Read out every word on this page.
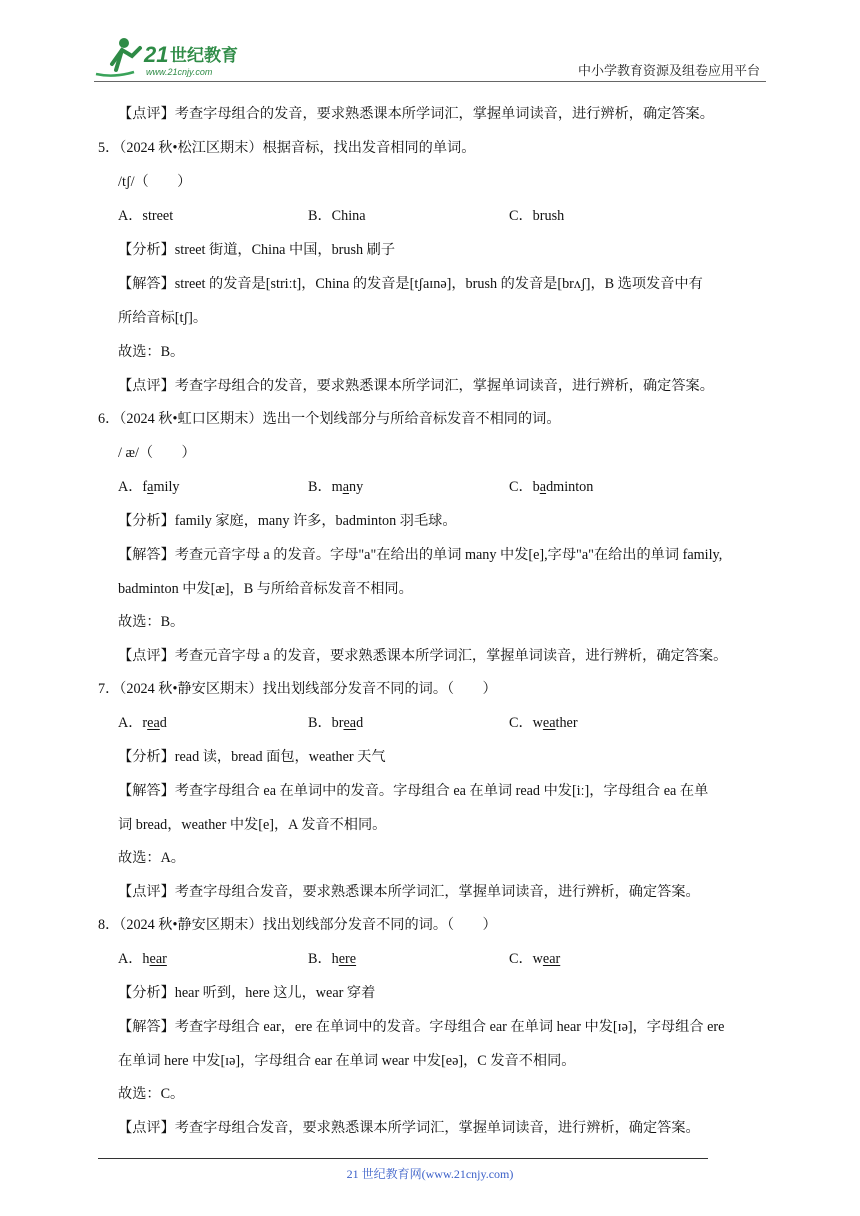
21 世纪教育
www.21cnjy.com	中小学教育资源及组卷应用平台
【点评】考查字母组合的发音，要求熟悉课本所学词汇，掌握单词读音，进行辨析，确定答案。
5．（2024 秋•松江区期末）根据音标，找出发音相同的单词。
/tʃ/（　　）
A．street	B．China	C．brush
【分析】street 街道，China 中国，brush 刷子
【解答】street 的发音是[striːt]，China 的发音是[tʃaɪnə]，brush 的发音是[brʌʃ]，B 选项发音中有
所给音标[tʃ]。
故选：B。
【点评】考查字母组合的发音，要求熟悉课本所学词汇，掌握单词读音，进行辨析，确定答案。
6．（2024 秋•虹口区期末）选出一个划线部分与所给音标发音不相同的词。
/ æ/（　　）
A．family	B．many	C．badminton
【分析】family 家庭，many 许多，badminton 羽毛球。
【解答】考查元音字母 a 的发音。字母"a"在给出的单词 many 中发[e],字母"a"在给出的单词 family,
badminton 中发[æ]，B 与所给音标发音不相同。
故选：B。
【点评】考查元音字母 a 的发音，要求熟悉课本所学词汇，掌握单词读音，进行辨析，确定答案。
7．（2024 秋•静安区期末）找出划线部分发音不同的词。（　　）
A．read	B．bread	C．weather
【分析】read 读，bread 面包，weather 天气
【解答】考查字母组合 ea 在单词中的发音。字母组合 ea 在单词 read 中发[iː]，字母组合 ea 在单
词 bread，weather 中发[e]，A 发音不相同。
故选：A。
【点评】考查字母组合发音，要求熟悉课本所学词汇，掌握单词读音，进行辨析，确定答案。
8．（2024 秋•静安区期末）找出划线部分发音不同的词。（　　）
A．hear	B．here	C．wear
【分析】hear 听到，here 这儿，wear 穿着
【解答】考查字母组合 ear，ere 在单词中的发音。字母组合 ear 在单词 hear 中发[ɪə]，字母组合 ere
在单词 here 中发[ɪə]，字母组合 ear 在单词 wear 中发[eə]，C 发音不相同。
故选：C。
【点评】考查字母组合发音，要求熟悉课本所学词汇，掌握单词读音，进行辨析，确定答案。
21 世纪教育网(www.21cnjy.com)
